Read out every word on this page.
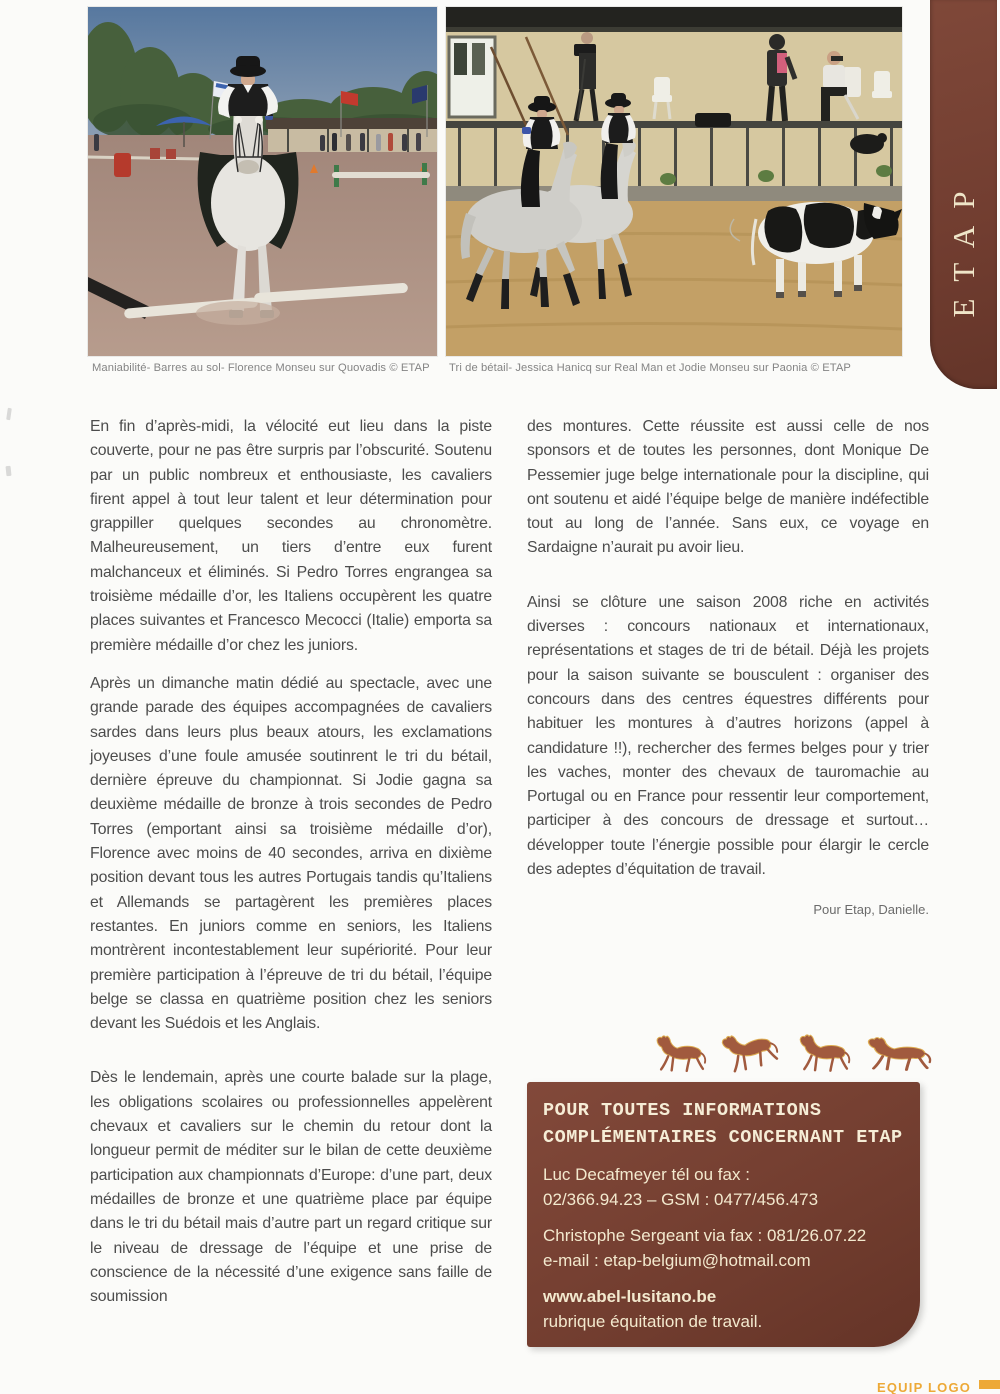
Maniabilité- Barres au sol- Florence Monseu sur Quovadis © ETAP Tri de bétail- Jessica Hanicq sur Real Man et Jodie Monseu sur Paonia © ETAP
ETAP

En fin d’après-midi, la vélocité eut lieu dans la piste couverte, pour ne pas être surpris par l’obscurité. Soutenu par un public nombreux et enthousiaste, les cavaliers firent appel à tout leur talent et leur détermination pour grappiller quelques secondes au chronomètre. Malheureusement, un tiers d’entre eux furent malchanceux et éliminés. Si Pedro Torres engrangea sa troisième médaille d’or, les Italiens occupèrent les quatre places suivantes et Francesco Mecocci (Italie) emporta sa première médaille d’or chez les juniors.

Après un dimanche matin dédié au spectacle, avec une grande parade des équipes accompagnées de cavaliers sardes dans leurs plus beaux atours, les exclamations joyeuses d’une foule amusée soutinrent le tri du bétail, dernière épreuve du championnat. Si Jodie gagna sa deuxième médaille de bronze à trois secondes de Pedro Torres (emportant ainsi sa troisième médaille d’or), Florence avec moins de 40 secondes, arriva en dixième position devant tous les autres Portugais tandis qu’Italiens et Allemands se partagèrent les premières places restantes. En juniors comme en seniors, les Italiens montrèrent incontestablement leur supériorité. Pour leur première participation à l’épreuve de tri du bétail, l’équipe belge se classa en quatrième position chez les seniors devant les Suédois et les Anglais.

Dès le lendemain, après une courte balade sur la plage, les obligations scolaires ou professionnelles appelèrent chevaux et cavaliers sur le chemin du retour dont la longueur permit de méditer sur le bilan de cette deuxième participation aux championnats d’Europe: d’une part, deux médailles de bronze et une quatrième place par équipe dans le tri du bétail mais d’autre part un regard critique sur le niveau de dressage de l’équipe et une prise de conscience de la nécessité d’une exigence sans faille de soumission

des montures. Cette réussite est aussi celle de nos sponsors et de toutes les personnes, dont Monique De Pessemier juge belge internationale pour la discipline, qui ont soutenu et aidé l’équipe belge de manière indéfectible tout au long de l’année. Sans eux, ce voyage en Sardaigne n’aurait pu avoir lieu.

Ainsi se clôture une saison 2008 riche en activités diverses : concours nationaux et internationaux, représentations et stages de tri de bétail. Déjà les projets pour la saison suivante se bousculent : organiser des concours dans des centres équestres différents pour habituer les montures à d’autres horizons (appel à candidature !!), rechercher des fermes belges pour y trier les vaches, monter des chevaux de tauromachie au Portugal ou en France pour ressentir leur comportement, participer à des concours de dressage et surtout…développer toute l’énergie possible pour élargir le cercle des adeptes d’équitation de travail.

Pour Etap, Danielle.
POUR TOUTES INFORMATIONS
COMPLÉMENTAIRES CONCERNANT ETAP
Luc Decafmeyer tél ou fax :
02/366.94.23 – GSM : 0477/456.473
Christophe Sergeant via fax : 081/26.07.22
e-mail : etap-belgium@hotmail.com
www.abel-lusitano.be
rubrique équitation de travail.
EQUIP LOGO
